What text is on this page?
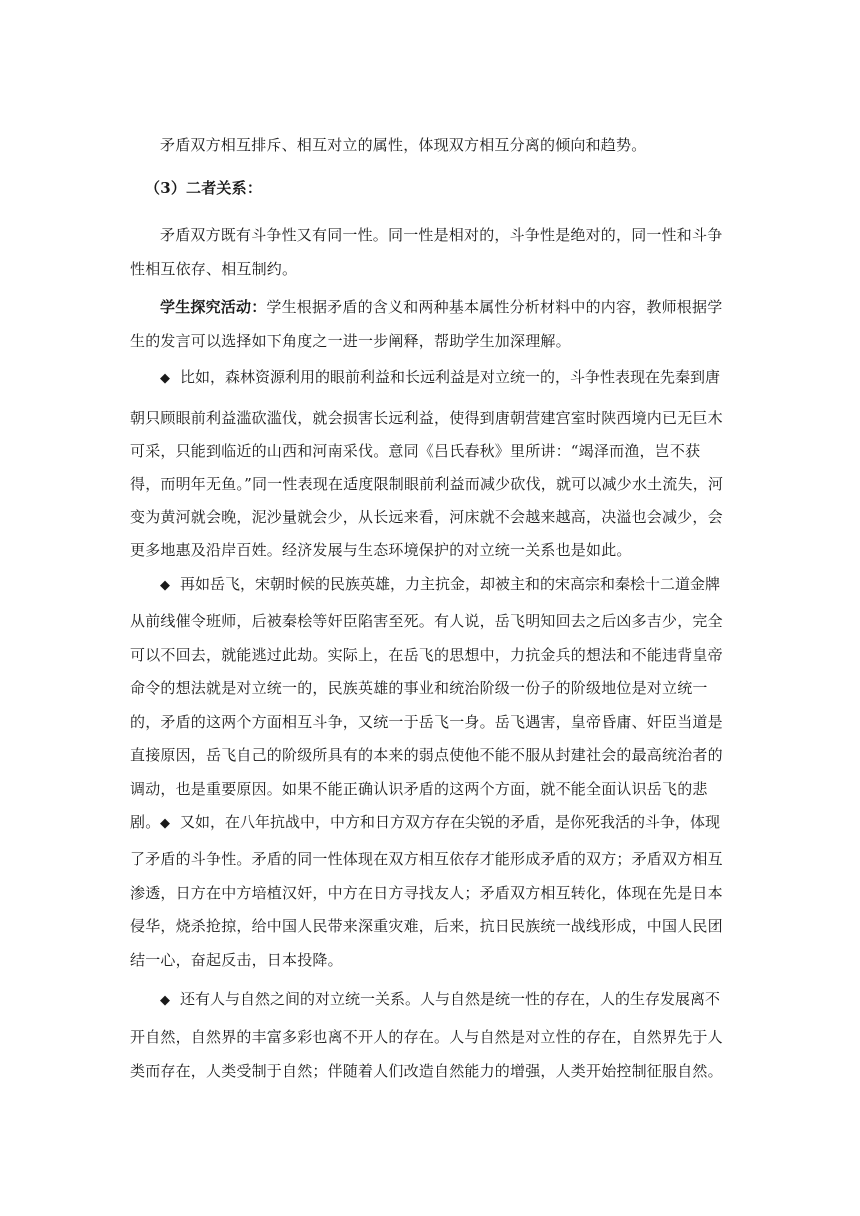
矛盾双方相互排斥、相互对立的属性，体现双方相互分离的倾向和趋势。

（3）二者关系：

矛盾双方既有斗争性又有同一性。同一性是相对的，斗争性是绝对的，同一性和斗争性相互依存、相互制约。

学生探究活动：学生根据矛盾的含义和两种基本属性分析材料中的内容，教师根据学生的发言可以选择如下角度之一进一步阐释，帮助学生加深理解。

◆ 比如，森林资源利用的眼前利益和长远利益是对立统一的，斗争性表现在先秦到唐

朝只顾眼前利益滥砍滥伐，就会损害长远利益，使得到唐朝营建宫室时陕西境内已无巨木可采，只能到临近的山西和河南采伐。意同《吕氏春秋》里所讲：“竭泽而渔，岂不获得，而明年无鱼。”同一性表现在适度限制眼前利益而减少砍伐，就可以减少水土流失，河变为黄河就会晚，泥沙量就会少，从长远来看，河床就不会越来越高，决溢也会减少，会更多地惠及沿岸百姓。经济发展与生态环境保护的对立统一关系也是如此。

◆ 再如岳飞，宋朝时候的民族英雄，力主抗金，却被主和的宋高宗和秦桧十二道金牌

从前线催令班师，后被秦桧等奸臣陷害至死。有人说，岳飞明知回去之后凶多吉少，完全可以不回去，就能逃过此劫。实际上，在岳飞的思想中，力抗金兵的想法和不能违背皇帝命令的想法就是对立统一的，民族英雄的事业和统治阶级一份子的阶级地位是对立统一的，矛盾的这两个方面相互斗争，又统一于岳飞一身。岳飞遇害，皇帝昏庸、奸臣当道是直接原因，岳飞自己的阶级所具有的本来的弱点使他不能不服从封建社会的最高统治者的调动，也是重要原因。如果不能正确认识矛盾的这两个方面，就不能全面认识岳飞的悲剧。 ◆ 又如，在八年抗战中，中方和日方双方存在尖锐的矛盾，是你死我活的斗争，体现

了矛盾的斗争性。矛盾的同一性体现在双方相互依存才能形成矛盾的双方；矛盾双方相互渗透，日方在中方培植汉奸，中方在日方寻找友人；矛盾双方相互转化，体现在先是日本侵华，烧杀抢掠，给中国人民带来深重灾难，后来，抗日民族统一战线形成，中国人民团结一心，奋起反击，日本投降。

◆ 还有人与自然之间的对立统一关系。人与自然是统一性的存在，人的生存发展离不

开自然，自然界的丰富多彩也离不开人的存在。人与自然是对立性的存在，自然界先于人类而存在，人类受制于自然；伴随着人们改造自然能力的增强，人类开始控制征服自然。
